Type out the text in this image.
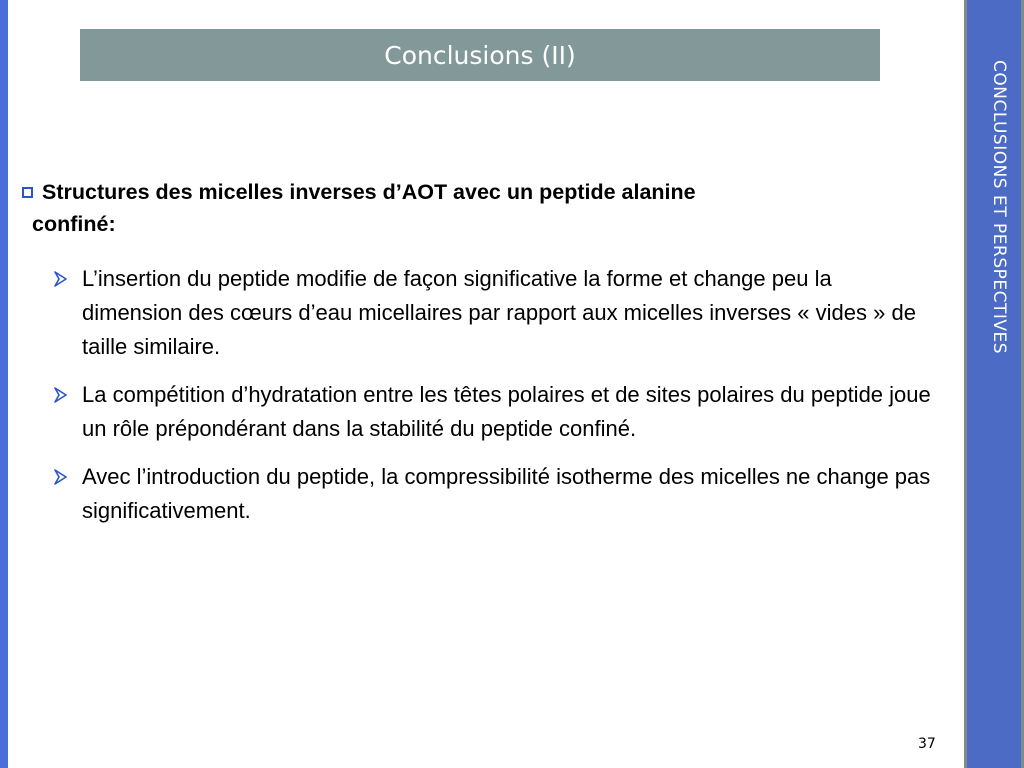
Conclusions (II)
Structures des micelles inverses d’AOT avec un peptide alanine
confiné:
L’insertion du peptide modifie de façon significative la forme et change peu la dimension des cœurs d’eau micellaires par rapport aux micelles inverses « vides » de taille similaire.
La compétition d’hydratation entre les têtes polaires et de sites polaires du peptide joue un rôle prépondérant dans la stabilité du peptide confiné.
Avec l’introduction du peptide, la compressibilité isotherme des micelles ne change pas significativement.
37
CONCLUSIONS ET PERSPECTIVES
